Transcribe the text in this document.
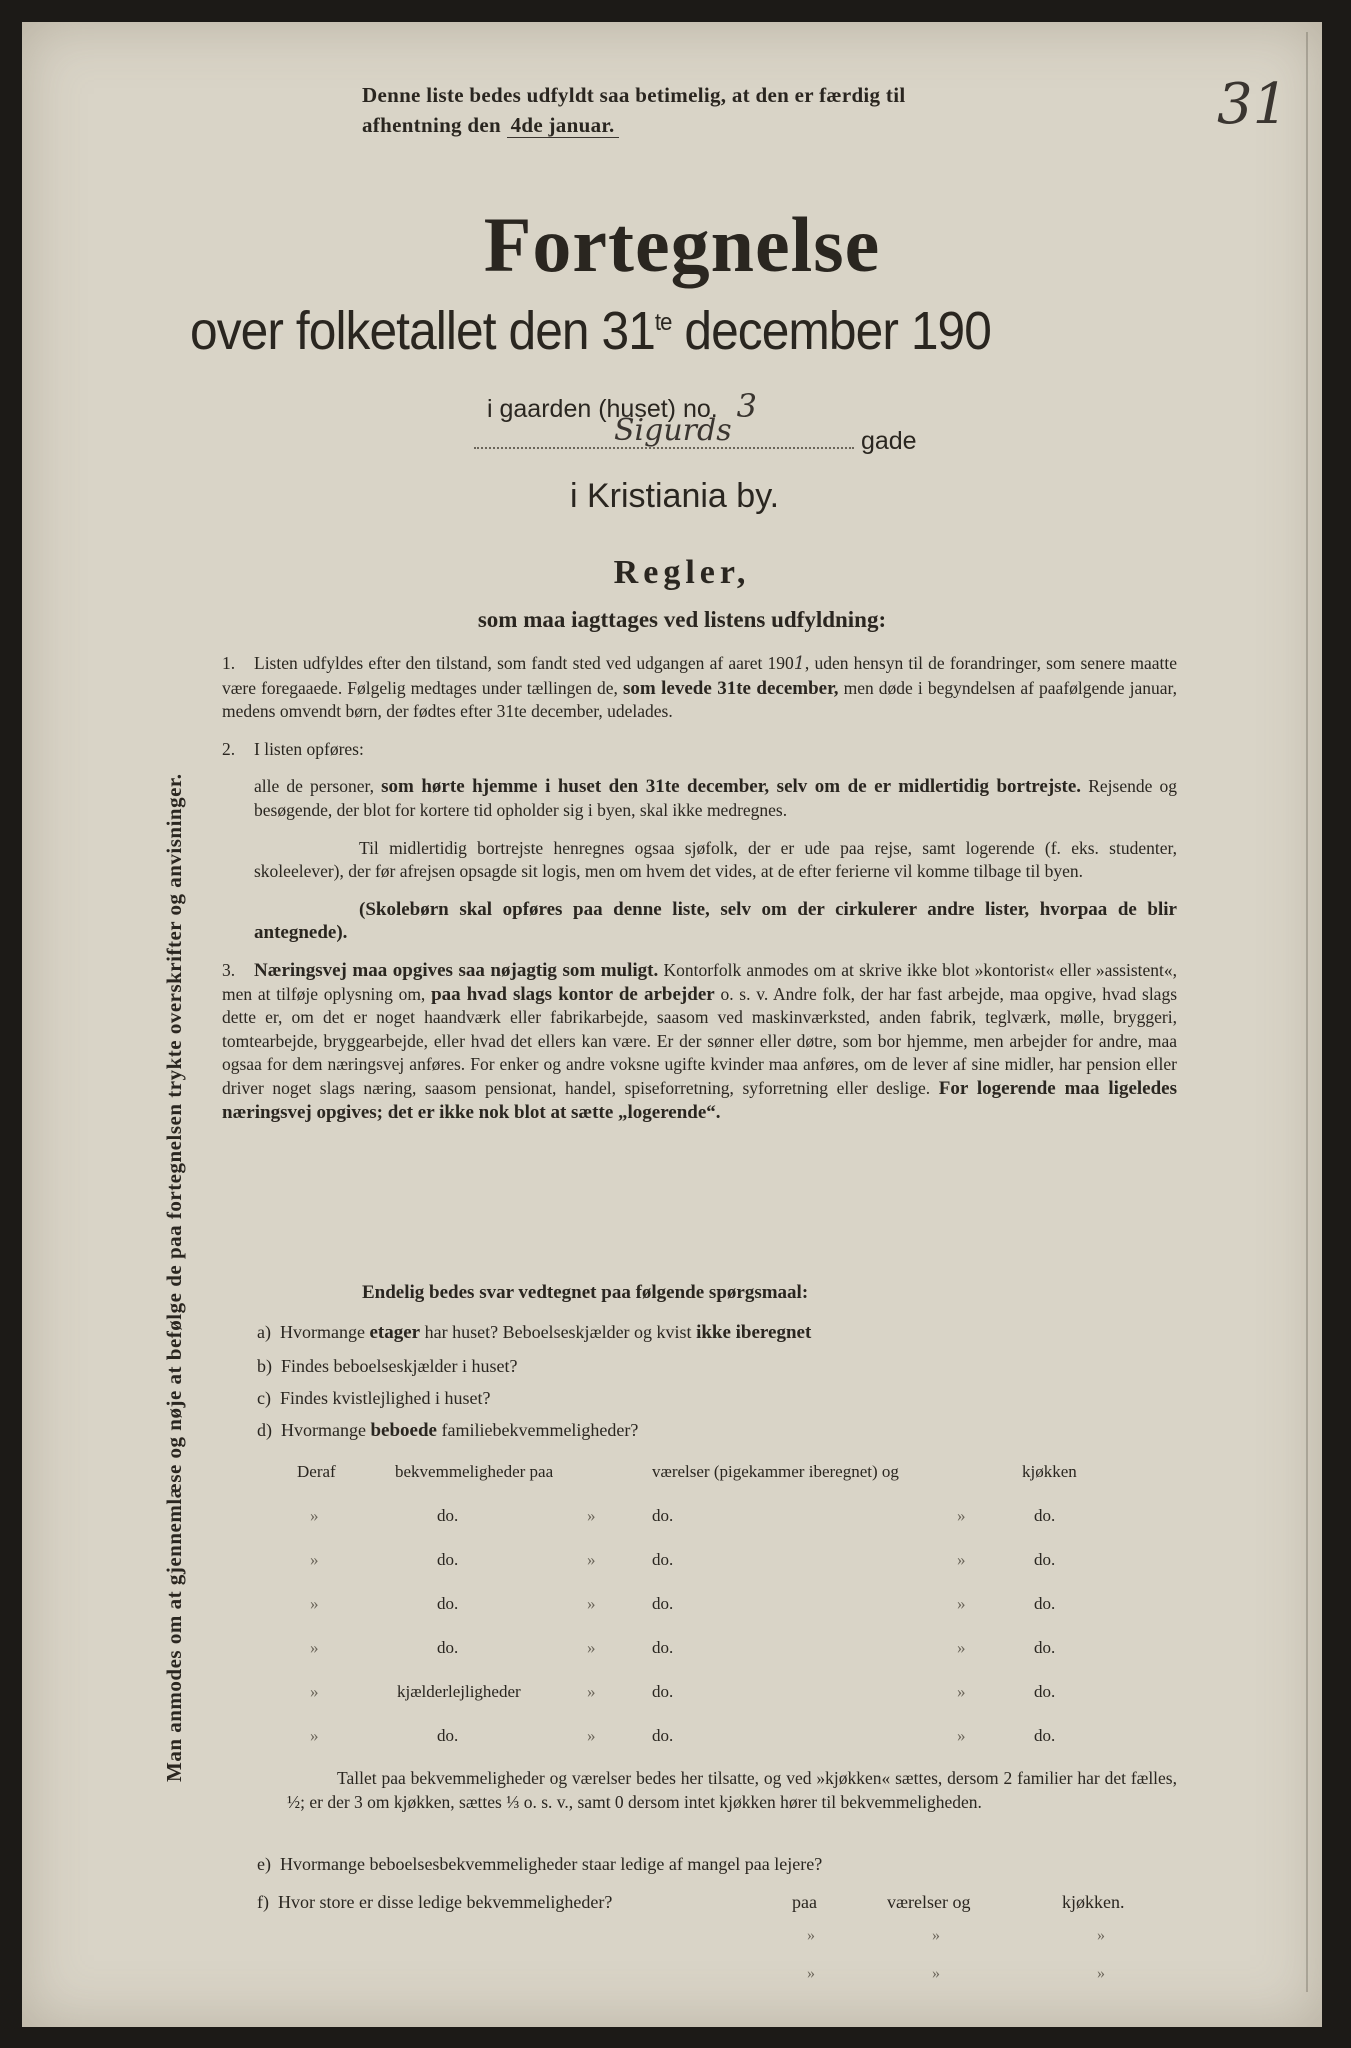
31
Denne liste bedes udfyldt saa betimelig, at den er færdig til
afhentning den 4de januar.
Fortegnelse
over folketallet den $31^{te}$ december 190
i gaarden (huset) no. 3
Sigurds	gade
i Kristiania by.
Regler,
som maa iagttages ved listens udfyldning:
Man anmodes om at gjennemlæse og nøje at befølge de paa fortegnelsen trykte overskrifter og anvisninger.

1. Listen udfyldes efter den tilstand, som fandt sted ved udgangen af aaret 1901, uden hensyn til de forandringer, som senere maatte være foregaaede. Følgelig medtages under tællingen de, som levede 31te december, men døde i begyndelsen af paafølgende januar, medens omvendt børn, der fødtes efter 31te december, udelades.

2. I listen opføres:

alle de personer, som hørte hjemme i huset den 31te december, selv om de er midlertidig bortrejste. Rejsende og besøgende, der blot for kortere tid opholder sig i byen, skal ikke medregnes.

Til midlertidig bortrejste henregnes ogsaa sjøfolk, der er ude paa rejse, samt logerende (f. eks. studenter, skoleelever), der før afrejsen opsagde sit logis, men om hvem det vides, at de efter ferierne vil komme tilbage til byen.

(Skolebørn skal opføres paa denne liste, selv om der cirkulerer andre lister, hvorpaa de blir antegnede).

3. Næringsvej maa opgives saa nøjagtig som muligt. Kontorfolk anmodes om at skrive ikke blot »kontorist« eller »assistent«, men at tilføje oplysning om, paa hvad slags kontor de arbejder o. s. v. Andre folk, der har fast arbejde, maa opgive, hvad slags dette er, om det er noget haandværk eller fabrikarbejde, saasom ved maskinværksted, anden fabrik, teglværk, mølle, bryggeri, tomtearbejde, bryggearbejde, eller hvad det ellers kan være. Er der sønner eller døtre, som bor hjemme, men arbejder for andre, maa ogsaa for dem næringsvej anføres. For enker og andre voksne ugifte kvinder maa anføres, om de lever af sine midler, har pension eller driver noget slags næring, saasom pensionat, handel, spiseforretning, syforretning eller deslige. For logerende maa ligeledes næringsvej opgives; det er ikke nok blot at sætte „logerende“.

Endelig bedes svar vedtegnet paa følgende spørgsmaal:
a) Hvormange etager har huset? Beboelseskjælder og kvist ikke iberegnet
b) Findes beboelseskjælder i huset?
c) Findes kvistlejlighed i huset?
d) Hvormange beboede familiebekvemmeligheder?
Deraf	bekvemmeligheder paa	værelser (pigekammer iberegnet) og	kjøkken
»	do.	»	do.	»	do.
»	do.	»	do.	»	do.
»	do.	»	do.	»	do.
»	do.	»	do.	»	do.
»	kjælderlejligheder	»	do.	»	do.
»	do.	»	do.	»	do.

Tallet paa bekvemmeligheder og værelser bedes her tilsatte, og ved »kjøkken« sættes, dersom 2 familier har det fælles, ½; er der 3 om kjøkken, sættes ⅓ o. s. v., samt 0 dersom intet kjøkken hører til bekvemmeligheden.

e) Hvormange beboelsesbekvemmeligheder staar ledige af mangel paa lejere?
f) Hvor store er disse ledige bekvemmeligheder?	paa	værelser og	kjøkken.
»	»	»
»	»	»
